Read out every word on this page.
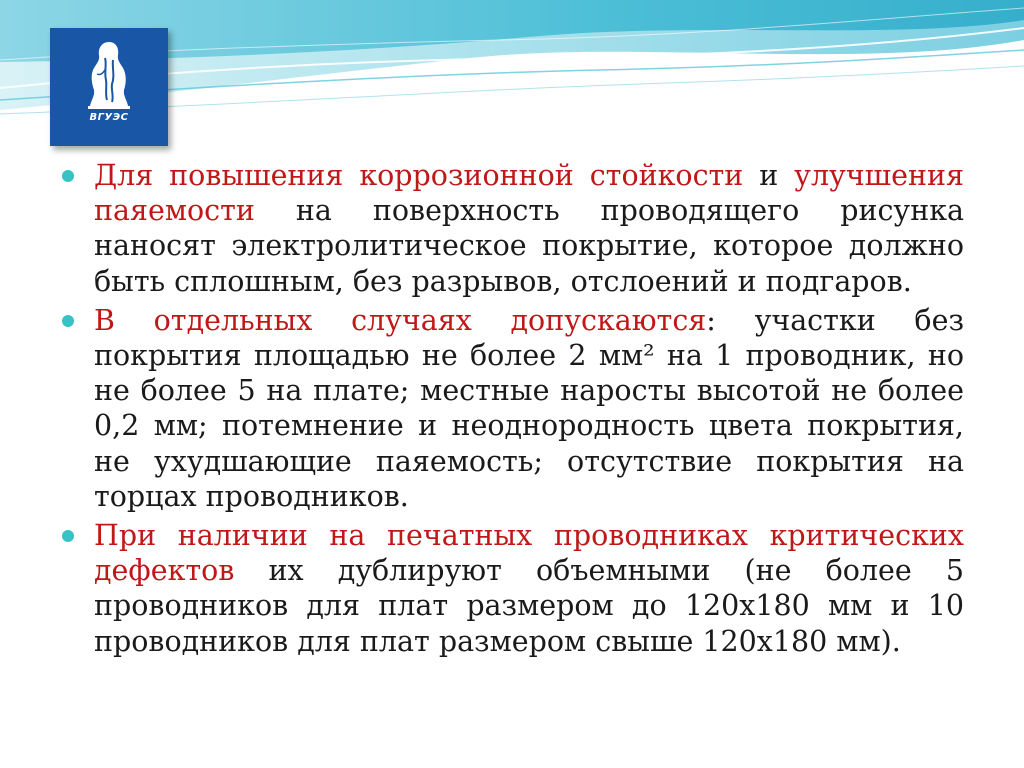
ВГУЭС
Для повышения коррозионной стойкости и улучшения паяемости на поверхность проводящего рисунка наносят электролитическое покрытие, которое должно быть сплошным, без разрывов, отслоений и подгаров.
В отдельных случаях допускаются: участки без покрытия площадью не более 2 мм² на 1 проводник, но не более 5 на плате; местные наросты высотой не более 0,2 мм; потемнение и неоднородность цвета покрытия, не ухудшающие паяемость; отсутствие покрытия на торцах проводников.
При наличии на печатных проводниках критических дефектов их дублируют объемными (не более 5 проводников для плат размером до 120х180 мм и 10 проводников для плат размером свыше 120х180 мм).
